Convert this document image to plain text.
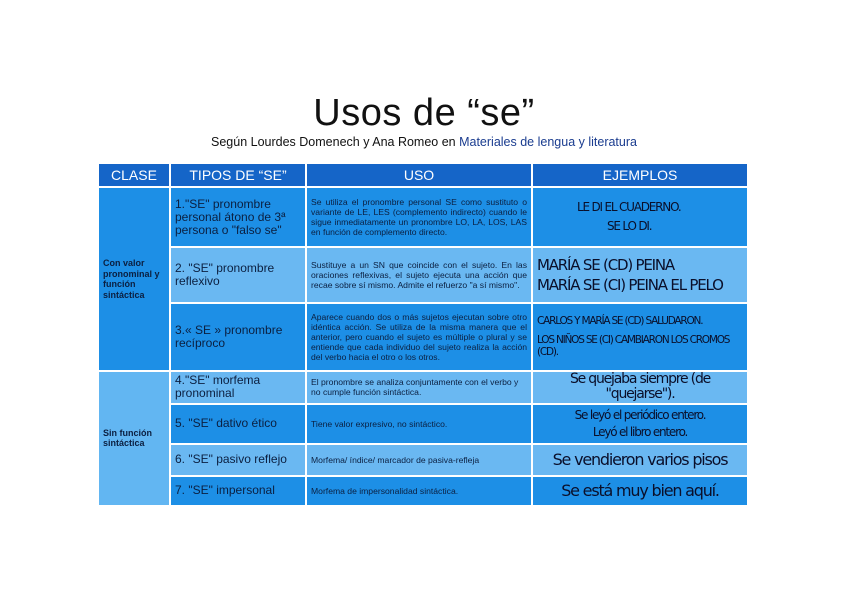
Usos de “se”
Según Lourdes Domenech y Ana Romeo en Materiales de lengua y literatura
CLASE	TIPOS DE “SE”	USO	EJEMPLOS
Con valor pronominal y función sintáctica	1."SE" pronombre personal átono de 3ª persona o "falso se"	Se utiliza el pronombre personal SE como sustituto o variante de LE, LES (complemento indirecto) cuando le sigue inmediatamente un pronombre LO, LA, LOS, LAS en función de complemento directo.	LE DI EL CUADERNO.
SE LO DI.

	2. "SE" pronombre reflexivo	Sustituye a un SN que coincide con el sujeto. En las oraciones reflexivas, el sujeto ejecuta una acción que recae sobre sí mismo. Admite el refuerzo "a sí mismo".	MARÍA SE (CD) PEINA
MARÍA SE (CI) PEINA EL PELO

	3.« SE » pronombre recíproco	Aparece cuando dos o más sujetos ejecutan sobre otro idéntica acción. Se utiliza de la misma manera que el anterior, pero cuando el sujeto es múltiple o plural y se entiende que cada individuo del sujeto realiza la acción del verbo hacia el otro o los otros.	CARLOS Y MARÍA SE (CD) SALUDARON.
LOS NIÑOS SE (CI) CAMBIARON LOS CROMOS (CD).

Sin función sintáctica	4."SE" morfema pronominal	El pronombre se analiza conjuntamente con el verbo y no cumple función sintáctica.	Se quejaba siempre (de "quejarse").

	5. "SE" dativo ético	Tiene valor expresivo, no sintáctico.	Se leyó el periódico entero.
Leyó el libro entero.

	6. "SE" pasivo reflejo	Morfema/ índice/ marcador de pasiva-refleja	Se vendieron varios pisos

	7. "SE" impersonal	Morfema de impersonalidad sintáctica.	Se está muy bien aquí.
